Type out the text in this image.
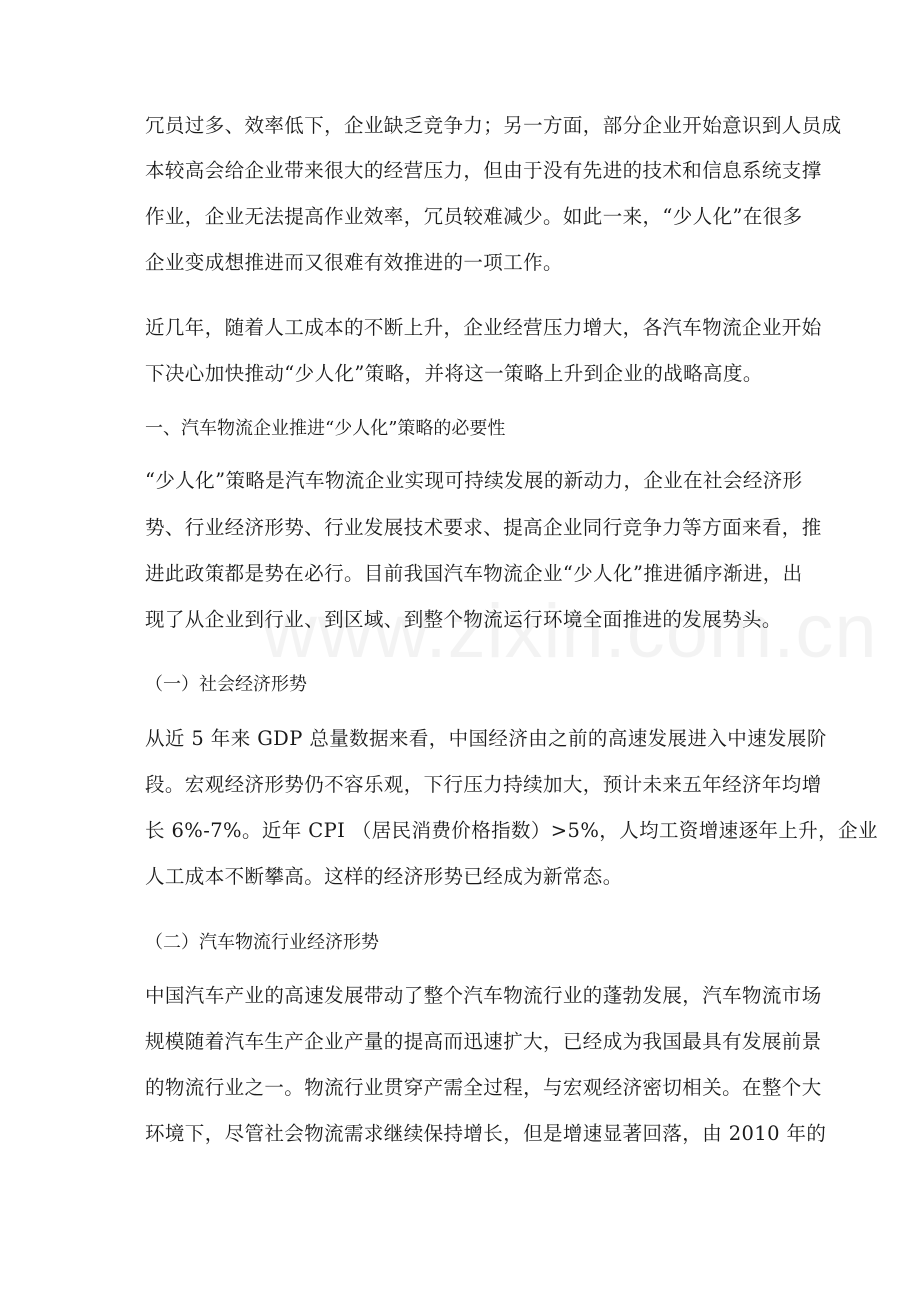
冗员过多、效率低下，企业缺乏竞争力；另一方面，部分企业开始意识到人员成
本较高会给企业带来很大的经营压力，但由于没有先进的技术和信息系统支撑
作业，企业无法提高作业效率，冗员较难减少。如此一来，“少人化”在很多
企业变成想推进而又很难有效推进的一项工作。
近几年，随着人工成本的不断上升，企业经营压力增大，各汽车物流企业开始
下决心加快推动“少人化”策略，并将这一策略上升到企业的战略高度。
一、汽车物流企业推进“少人化”策略的必要性
“少人化”策略是汽车物流企业实现可持续发展的新动力，企业在社会经济形
势、行业经济形势、行业发展技术要求、提高企业同行竞争力等方面来看，推
进此政策都是势在必行。目前我国汽车物流企业“少人化”推进循序渐进，出
现了从企业到行业、到区域、到整个物流运行环境全面推进的发展势头。
（一）社会经济形势
从近 5 年来 GDP 总量数据来看，中国经济由之前的高速发展进入中速发展阶
段。宏观经济形势仍不容乐观，下行压力持续加大，预计未来五年经济年均增
长 6%-7%。近年 CPI （居民消费价格指数）>5%，人均工资增速逐年上升，企业
人工成本不断攀高。这样的经济形势已经成为新常态。
（二）汽车物流行业经济形势
中国汽车产业的高速发展带动了整个汽车物流行业的蓬勃发展，汽车物流市场
规模随着汽车生产企业产量的提高而迅速扩大，已经成为我国最具有发展前景
的物流行业之一。物流行业贯穿产需全过程，与宏观经济密切相关。在整个大
环境下，尽管社会物流需求继续保持增长，但是增速显著回落，由 2010 年的
